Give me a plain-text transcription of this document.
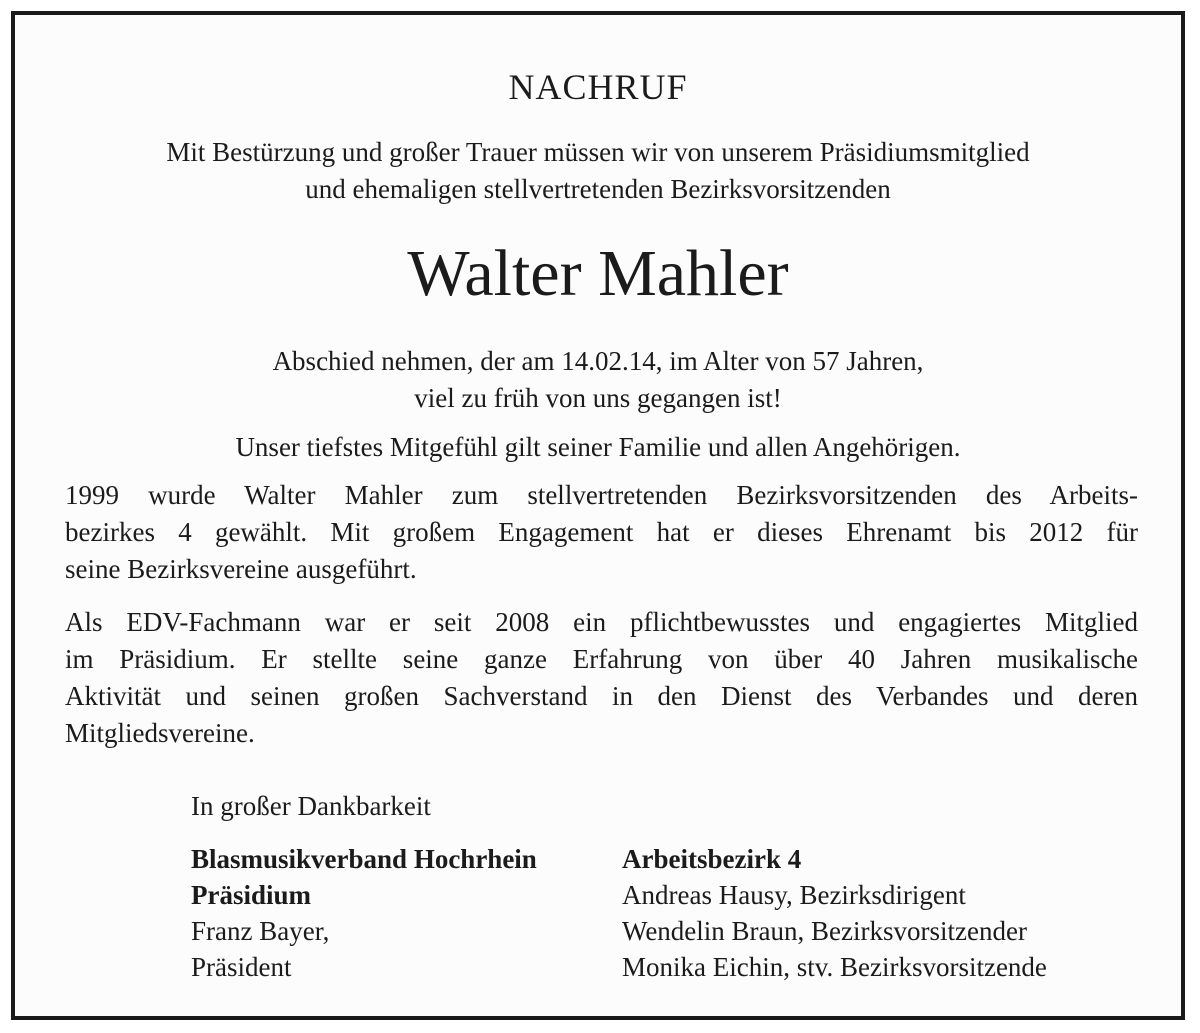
NACHRUF

Mit Bestürzung und großer Trauer müssen wir von unserem Präsidiumsmitglied
und ehemaligen stellvertretenden Bezirksvorsitzenden

Walter Mahler

Abschied nehmen, der am 14.02.14, im Alter von 57 Jahren,
viel zu früh von uns gegangen ist!

Unser tiefstes Mitgefühl gilt seiner Familie und allen Angehörigen.

1999 wurde Walter Mahler zum stellvertretenden Bezirksvorsitzenden des Arbeits-
bezirkes 4 gewählt. Mit großem Engagement hat er dieses Ehrenamt bis 2012 für
seine Bezirksvereine ausgeführt.
Als EDV-Fachmann war er seit 2008 ein pflichtbewusstes und engagiertes Mitglied
im Präsidium. Er stellte seine ganze Erfahrung von über 40 Jahren musikalische
Aktivität und seinen großen Sachverstand in den Dienst des Verbandes und deren
Mitgliedsvereine.

In großer Dankbarkeit

Blasmusikverband Hochrhein
Präsidium
Franz Bayer,
Präsident
Arbeitsbezirk 4
Andreas Hausy, Bezirksdirigent
Wendelin Braun, Bezirksvorsitzender
Monika Eichin, stv. Bezirksvorsitzende
